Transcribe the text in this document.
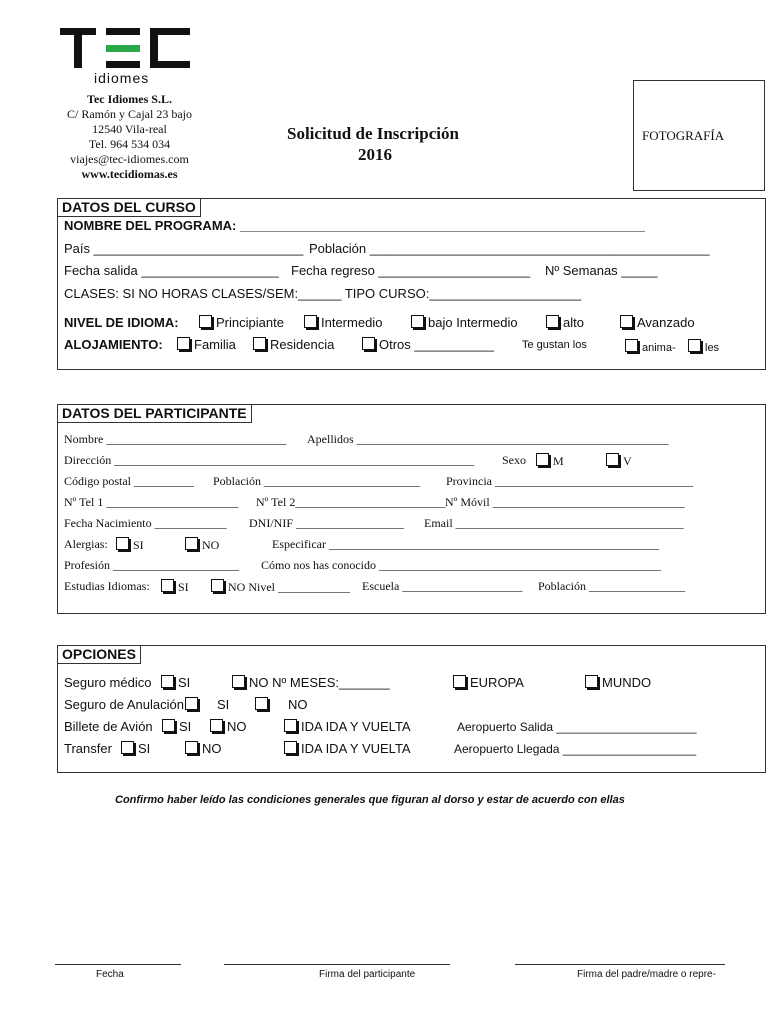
idiomes
Tec Idiomes S.L.
C/ Ramón y Cajal 23 bajo
12540 Vila-real
Tel. 964 534 034
viajes@tec-idiomes.com
www.tecidiomas.es
Solicitud de Inscripción
2016
FOTOGRAFÍA
DATOS DEL CURSO
NOMBRE DEL PROGRAMA: ________________________________________________________
País _____________________________ Población _______________________________________________
Fecha salida ___________________ Fecha regreso _____________________ Nº Semanas _____
CLASES: SI NO HORAS CLASES/SEM:______ TIPO CURSO:_____________________
NIVEL DE IDIOMA:	Principiante	Intermedio	bajo Intermedio	alto	Avanzado
ALOJAMIENTO:	Familia	Residencia	Otros ___________	Te gustan los	anima-	les
DATOS DEL PARTICIPANTE
Nombre ______________________________ Apellidos ____________________________________________________
Dirección ____________________________________________________________ Sexo	M	V
Código postal __________ Población __________________________ Provincia _________________________________
Nº Tel 1 ______________________ Nº Tel 2_________________________ Nº Móvil ________________________________
Fecha Nacimiento ____________ DNI/NIF __________________ Email ______________________________________
Alergias:	SI	NO	Especificar _______________________________________________________
Profesión _____________________ Cómo nos has conocido _______________________________________________
Estudias Idiomas:	SI	NO Nivel ____________ Escuela ____________________ Población ________________
OPCIONES
Seguro médico	SI	NO Nº MESES:_______	EUROPA	MUNDO
Seguro de Anulación	SI	NO
Billete de Avión	SI	NO	IDA IDA Y VUELTA	Aeropuerto Salida _____________________
Transfer	SI	NO	IDA IDA Y VUELTA	Aeropuerto Llegada ____________________
Confirmo haber leído las condiciones generales que figuran al dorso y estar de acuerdo con ellas
Fecha	Firma del participante	Firma del padre/madre o repre-
